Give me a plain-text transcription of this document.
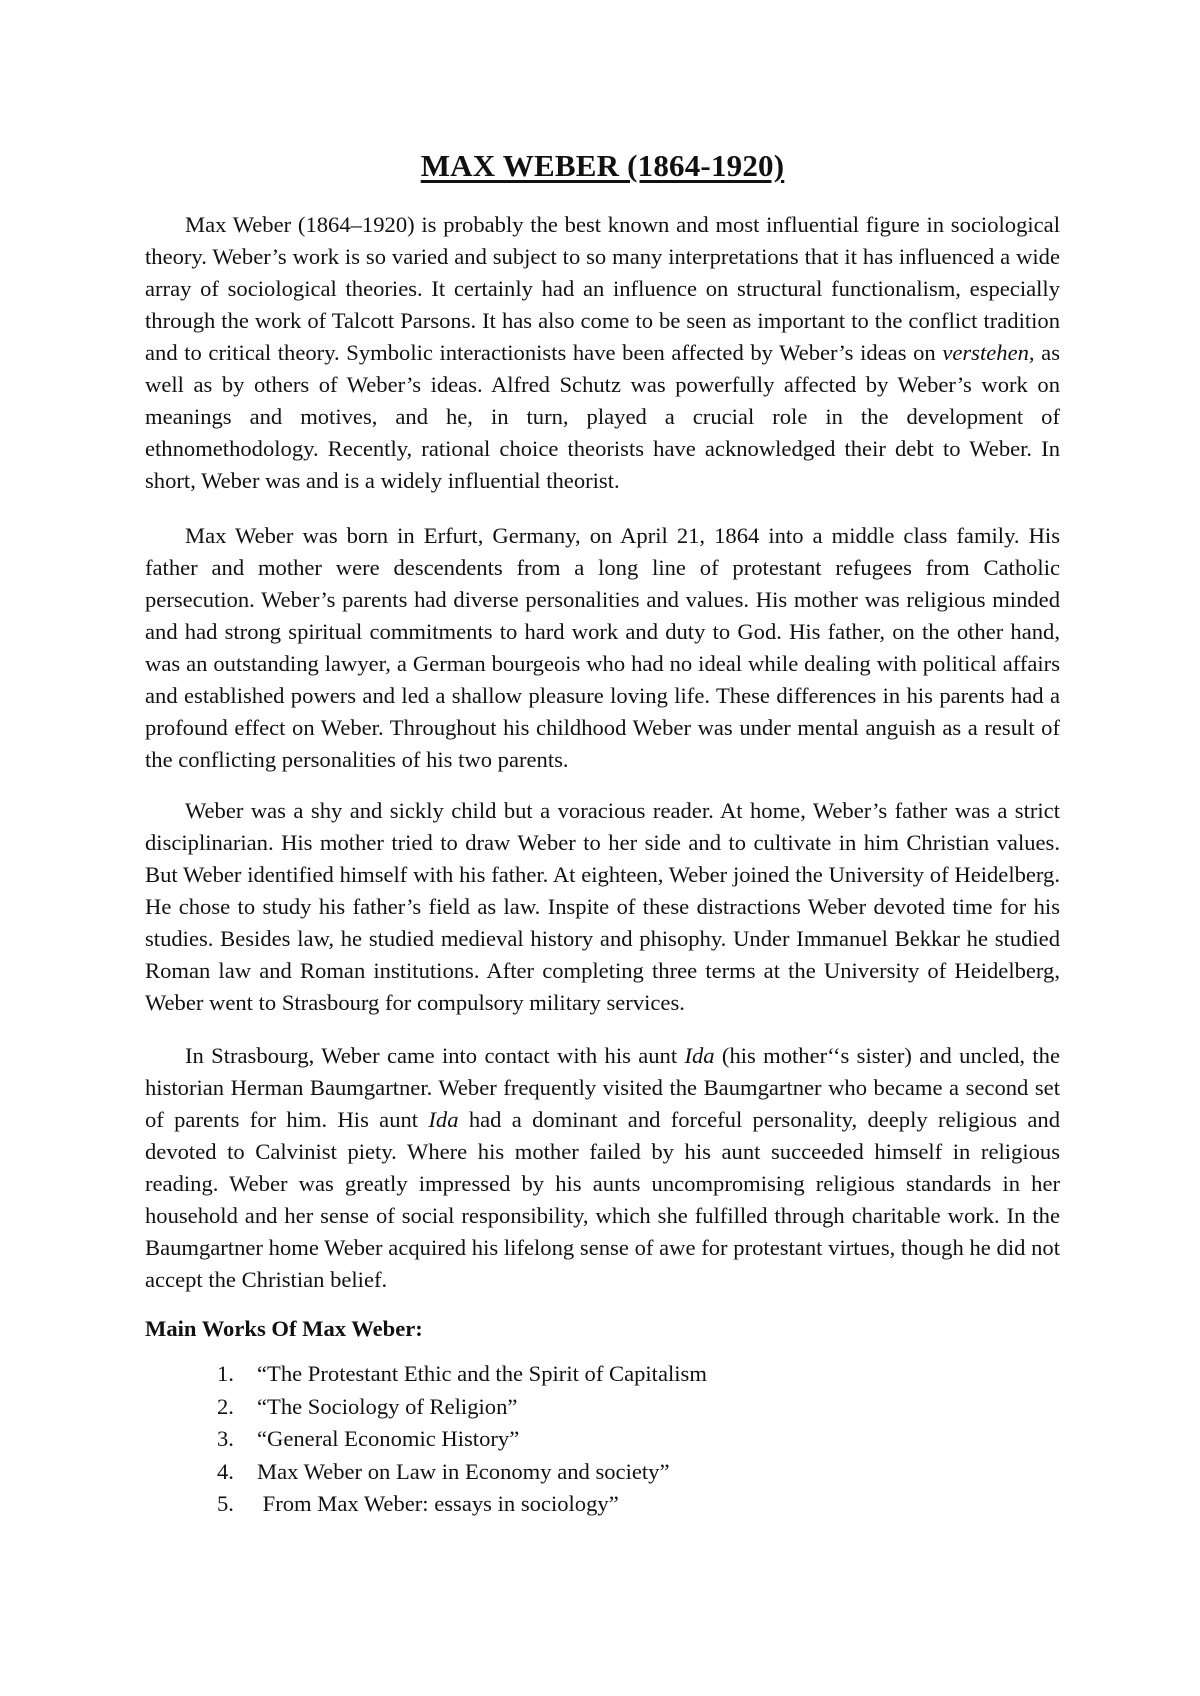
MAX WEBER (1864-1920)

Max Weber (1864–1920) is probably the best known and most influential figure in sociological theory. Weber’s work is so varied and subject to so many interpretations that it has influenced a wide array of sociological theories. It certainly had an influence on structural functionalism, especially through the work of Talcott Parsons. It has also come to be seen as important to the conflict tradition and to critical theory. Symbolic interactionists have been affected by Weber’s ideas on verstehen, as well as by others of Weber’s ideas. Alfred Schutz was powerfully affected by Weber’s work on meanings and motives, and he, in turn, played a crucial role in the development of ethnomethodology. Recently, rational choice theorists have acknowledged their debt to Weber. In short, Weber was and is a widely influential theorist.

Max Weber was born in Erfurt, Germany, on April 21, 1864 into a middle class family. His father and mother were descendents from a long line of protestant refugees from Catholic persecution. Weber’s parents had diverse personalities and values. His mother was religious minded and had strong spiritual commitments to hard work and duty to God. His father, on the other hand, was an outstanding lawyer, a German bourgeois who had no ideal while dealing with political affairs and established powers and led a shallow pleasure loving life. These differences in his parents had a profound effect on Weber. Throughout his childhood Weber was under mental anguish as a result of the conflicting personalities of his two parents.

Weber was a shy and sickly child but a voracious reader. At home, Weber’s father was a strict disciplinarian. His mother tried to draw Weber to her side and to cultivate in him Christian values. But Weber identified himself with his father. At eighteen, Weber joined the University of Heidelberg. He chose to study his father’s field as law. Inspite of these distractions Weber devoted time for his studies. Besides law, he studied medieval history and phisophy. Under Immanuel Bekkar he studied Roman law and Roman institutions. After completing three terms at the University of Heidelberg, Weber went to Strasbourg for compulsory military services.

In Strasbourg, Weber came into contact with his aunt Ida (his mother‘‘s sister) and uncled, the historian Herman Baumgartner. Weber frequently visited the Baumgartner who became a second set of parents for him. His aunt Ida had a dominant and forceful personality, deeply religious and devoted to Calvinist piety. Where his mother failed by his aunt succeeded himself in religious reading. Weber was greatly impressed by his aunts uncompromising religious standards in her household and her sense of social responsibility, which she fulfilled through charitable work. In the Baumgartner home Weber acquired his lifelong sense of awe for protestant virtues, though he did not accept the Christian belief.

Main Works Of Max Weber:

1. “The Protestant Ethic and the Spirit of Capitalism
2. “The Sociology of Religion”
3. “General Economic History”
4. Max Weber on Law in Economy and society”
5. From Max Weber: essays in sociology”
